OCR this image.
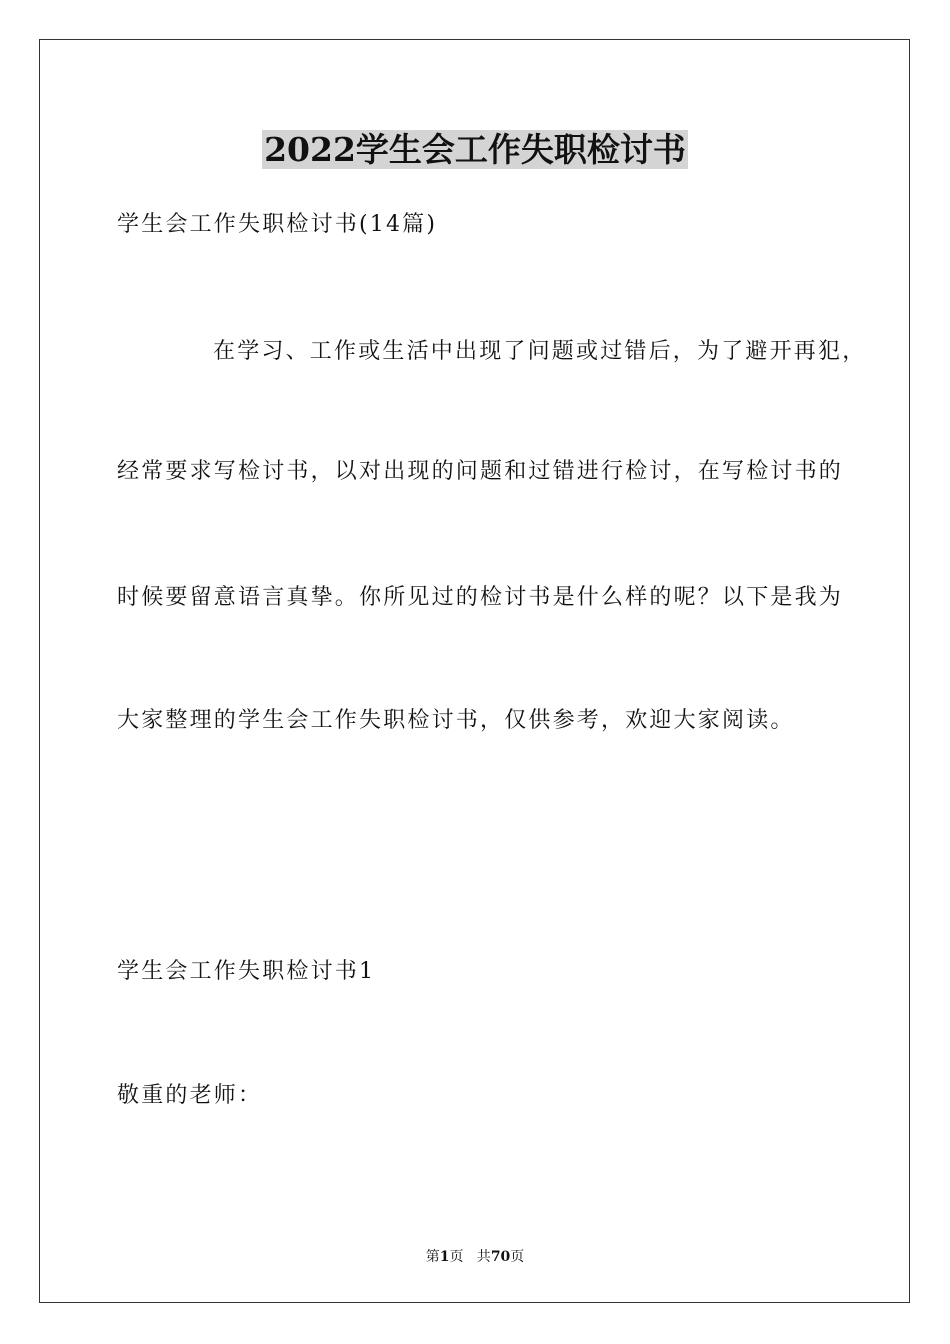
2022学生会工作失职检讨书
学生会工作失职检讨书(14篇)
在学习、工作或生活中出现了问题或过错后，为了避开再犯，
经常要求写检讨书，以对出现的问题和过错进行检讨，在写检讨书的
时候要留意语言真挚。你所见过的检讨书是什么样的呢？以下是我为
大家整理的学生会工作失职检讨书，仅供参考，欢迎大家阅读。
学生会工作失职检讨书1
敬重的老师：
第1页   共70页
